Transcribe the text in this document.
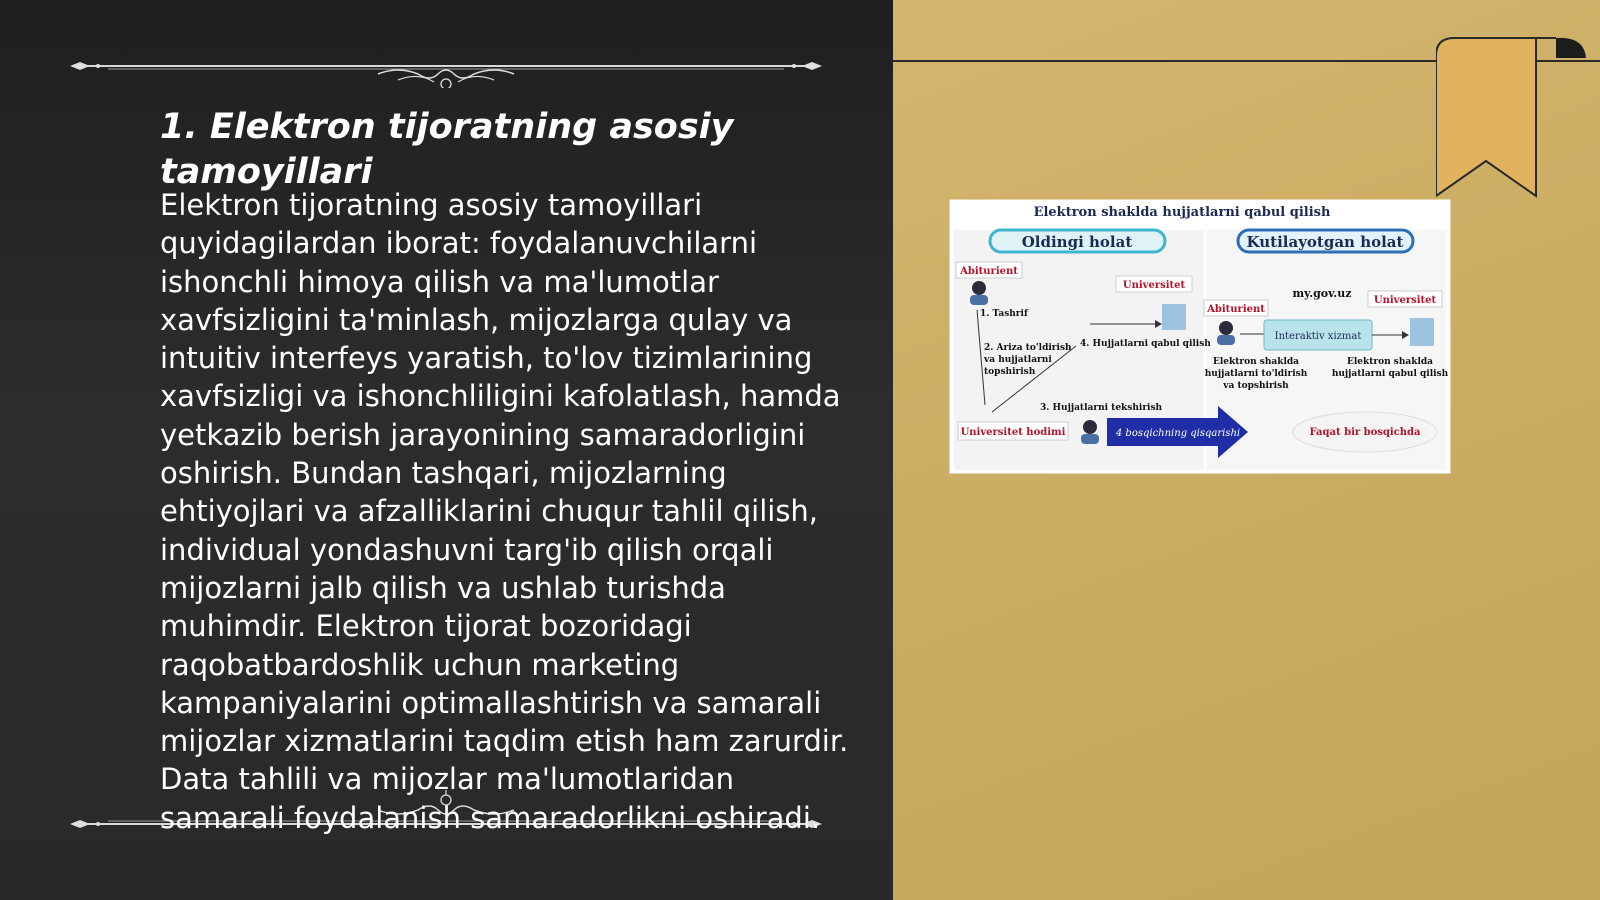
1. Elektron tijoratning asosiy tamoyillari

Elektron tijoratning asosiy tamoyillari quyidagilardan iborat: foydalanuvchilarni ishonchli himoya qilish va ma'lumotlar xavfsizligini ta'minlash, mijozlarga qulay va intuitiv interfeys yaratish, to'lov tizimlarining xavfsizligi va ishonchliligini kafolatlash, hamda yetkazib berish jarayonining samaradorligini oshirish. Bundan tashqari, mijozlarning ehtiyojlari va afzalliklarini chuqur tahlil qilish, individual yondashuvni targ'ib qilish orqali mijozlarni jalb qilish va ushlab turishda muhimdir. Elektron tijorat bozoridagi raqobatbardoshlik uchun marketing kampaniyalarini optimallashtirish va samarali mijozlar xizmatlarini taqdim etish ham zarurdir. Data tahlili va mijozlar ma'lumotlaridan samarali foydalanish samaradorlikni oshiradi.

Elektron shaklda hujjatlarni qabul qilish
Oldingi holat	Kutilayotgan holat
Abiturient
Universitet
1. Tashrif
2. Ariza to'ldirish
va hujjatlarni
topshirish
4. Hujjatlarni qabul qilish
3. Hujjatlarni tekshirish
Universitet hodimi	4 bosqichning qisqarishi	Faqat bir bosqichda
my.gov.uz
Universitet
Abiturient
Interaktiv xizmat
Elektron shaklda
hujjatlarni to'ldirish
va topshirish
Elektron shaklda
hujjatlarni qabul qilish
